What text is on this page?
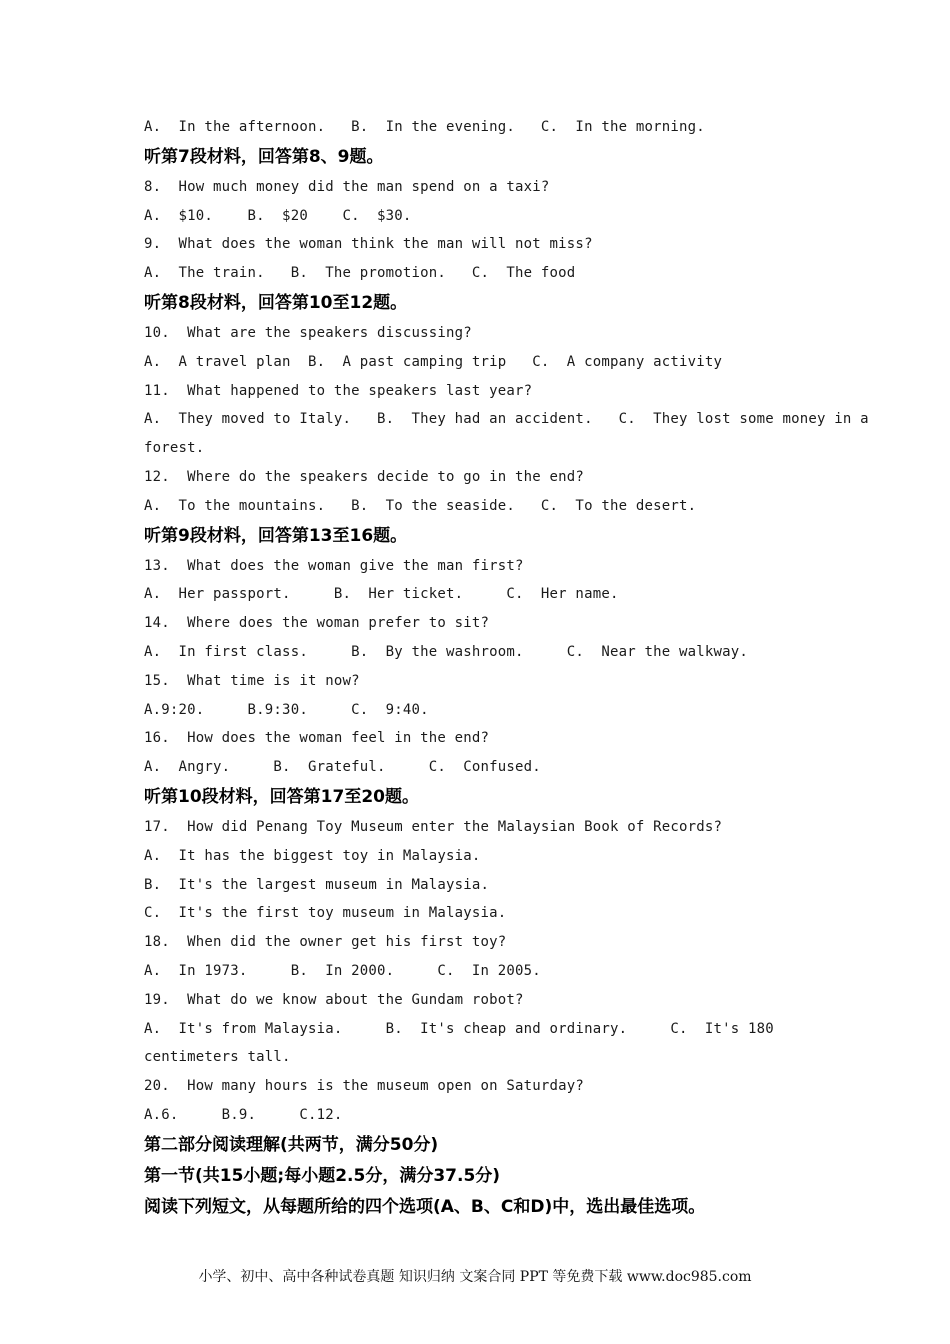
A.  In the afternoon.   B.  In the evening.   C.  In the morning.
听第7段材料，回答第8、9题。
8.  How much money did the man spend on a taxi?
A.  $10.    B.  $20    C.  $30.
9.  What does the woman think the man will not miss?
A.  The train.   B.  The promotion.   C.  The food
听第8段材料，回答第10至12题。
10.  What are the speakers discussing?
A.  A travel plan  B.  A past camping trip   C.  A company activity
11.  What happened to the speakers last year?
A.  They moved to Italy.   B.  They had an accident.   C.  They lost some money in a
forest.
12.  Where do the speakers decide to go in the end?
A.  To the mountains.   B.  To the seaside.   C.  To the desert.
听第9段材料，回答第13至16题。
13.  What does the woman give the man first?
A.  Her passport.     B.  Her ticket.     C.  Her name.
14.  Where does the woman prefer to sit?
A.  In first class.     B.  By the washroom.     C.  Near the walkway.
15.  What time is it now?
A.9:20.     B.9:30.     C.  9:40.
16.  How does the woman feel in the end?
A.  Angry.     B.  Grateful.     C.  Confused.
听第10段材料，回答第17至20题。
17.  How did Penang Toy Museum enter the Malaysian Book of Records?
A.  It has the biggest toy in Malaysia.
B.  It's the largest museum in Malaysia.
C.  It's the first toy museum in Malaysia.
18.  When did the owner get his first toy?
A.  In 1973.     B.  In 2000.     C.  In 2005.
19.  What do we know about the Gundam robot?
A.  It's from Malaysia.     B.  It's cheap and ordinary.     C.  It's 180
centimeters tall.
20.  How many hours is the museum open on Saturday?
A.6.     B.9.     C.12.
第二部分阅读理解(共两节，满分50分)
第一节(共15小题;每小题2.5分，满分37.5分)
阅读下列短文，从每题所给的四个选项(A、B、C和D)中，选出最佳选项。
小学、初中、高中各种试卷真题 知识归纳 文案合同 PPT 等免费下载 www.doc985.com
